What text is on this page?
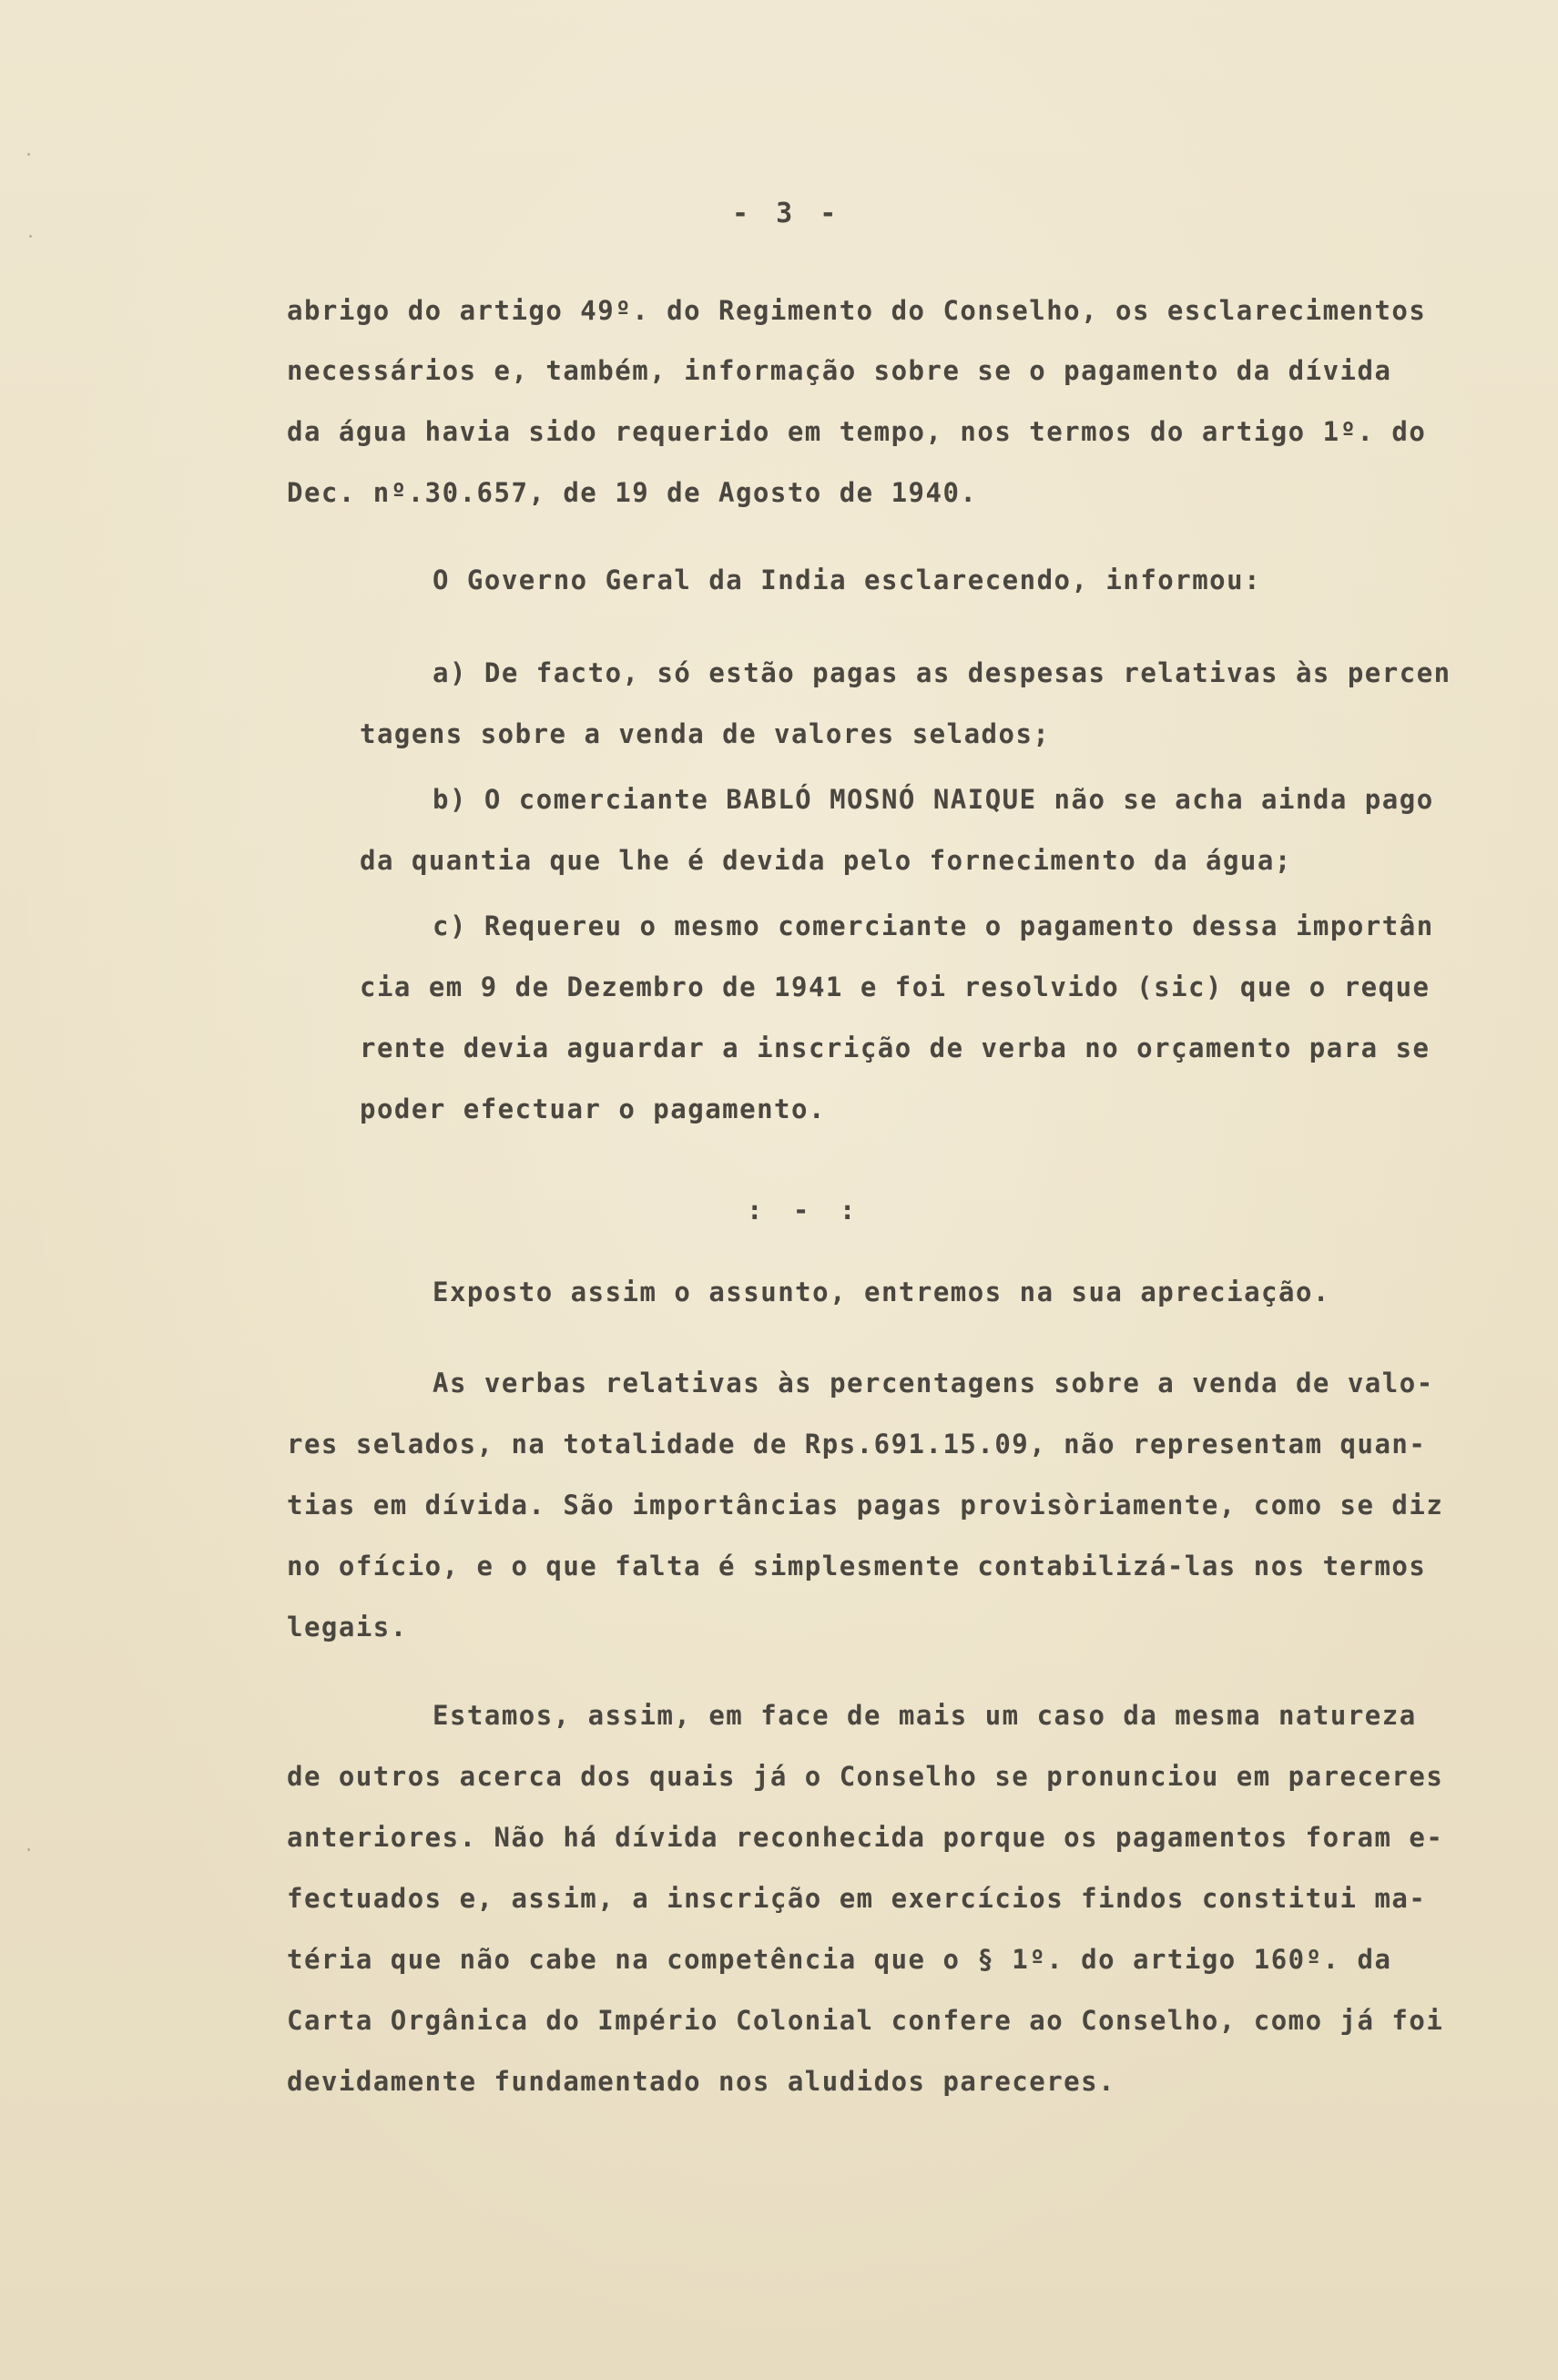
- 3 -
abrigo do artigo 49º. do Regimento do Conselho, os esclarecimentos
necessários e, também, informação sobre se o pagamento da dívida
da água havia sido requerido em tempo, nos termos do artigo 1º. do
Dec. nº.30.657, de 19 de Agosto de 1940.
O Governo Geral da India esclarecendo, informou:
a) De facto, só estão pagas as despesas relativas às percen
tagens sobre a venda de valores selados;
b) O comerciante BABLÓ MOSNÓ NAIQUE não se acha ainda pago
da quantia que lhe é devida pelo fornecimento da água;
c) Requereu o mesmo comerciante o pagamento dessa importân
cia em 9 de Dezembro de 1941 e foi resolvido (sic) que o reque
rente devia aguardar a inscrição de verba no orçamento para se
poder efectuar o pagamento.
: - :
Exposto assim o assunto, entremos na sua apreciação.
As verbas relativas às percentagens sobre a venda de valo-
res selados, na totalidade de Rps.691.15.09, não representam quan-
tias em dívida. São importâncias pagas provisòriamente, como se diz
no ofício, e o que falta é simplesmente contabilizá-las nos termos
legais.
Estamos, assim, em face de mais um caso da mesma natureza
de outros acerca dos quais já o Conselho se pronunciou em pareceres
anteriores. Não há dívida reconhecida porque os pagamentos foram e-
fectuados e, assim, a inscrição em exercícios findos constitui ma-
téria que não cabe na competência que o § 1º. do artigo 160º. da
Carta Orgânica do Império Colonial confere ao Conselho, como já foi
devidamente fundamentado nos aludidos pareceres.
